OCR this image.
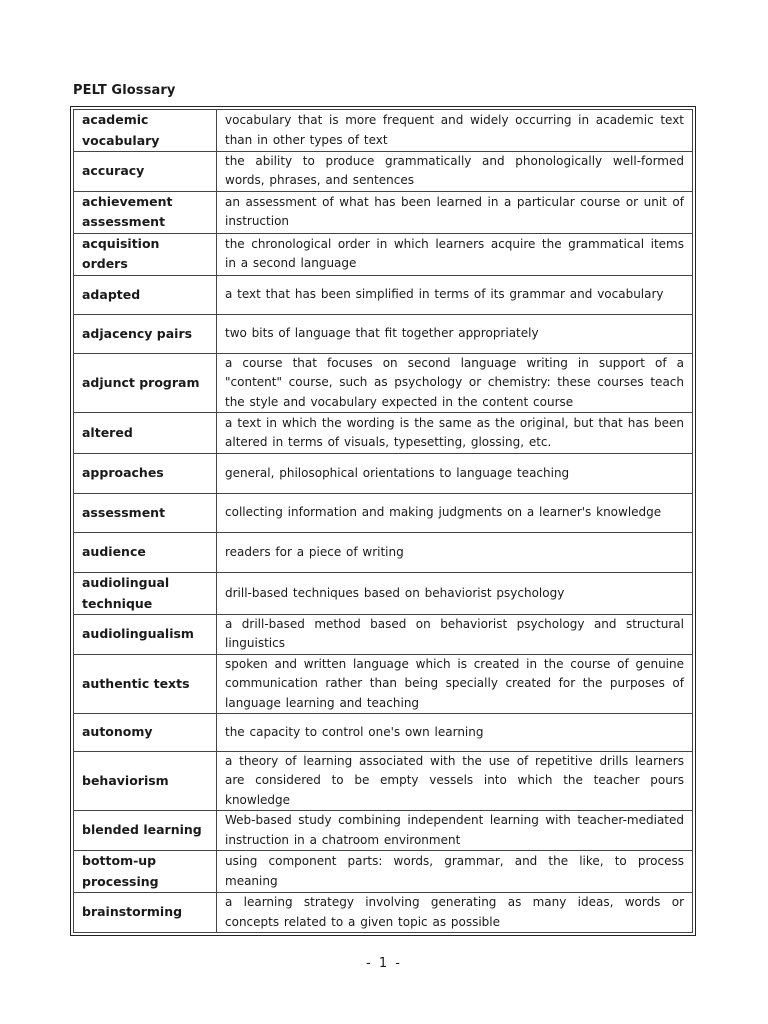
PELT Glossary
academic vocabulary	vocabulary that is more frequent and widely occurring in academic text than in other types of text
accuracy	the ability to produce grammatically and phonologically well-formed words, phrases, and sentences
achievement assessment	an assessment of what has been learned in a particular course or unit of instruction
acquisition orders	the chronological order in which learners acquire the grammatical items in a second language
adapted	a text that has been simplified in terms of its grammar and vocabulary
adjacency pairs	two bits of language that fit together appropriately
adjunct program	a course that focuses on second language writing in support of a "content" course, such as psychology or chemistry: these courses teach the style and vocabulary expected in the content course
altered	a text in which the wording is the same as the original, but that has been altered in terms of visuals, typesetting, glossing, etc.
approaches	general, philosophical orientations to language teaching
assessment	collecting information and making judgments on a learner's knowledge
audience	readers for a piece of writing
audiolingual technique	drill-based techniques based on behaviorist psychology
audiolingualism	a drill-based method based on behaviorist psychology and structural linguistics
authentic texts	spoken and written language which is created in the course of genuine communication rather than being specially created for the purposes of language learning and teaching
autonomy	the capacity to control one's own learning
behaviorism	a theory of learning associated with the use of repetitive drills learners are considered to be empty vessels into which the teacher pours knowledge
blended learning	Web-based study combining independent learning with teacher-mediated instruction in a chatroom environment
bottom-up processing	using component parts: words, grammar, and the like, to process meaning
brainstorming	a learning strategy involving generating as many ideas, words or concepts related to a given topic as possible
- 1 -
